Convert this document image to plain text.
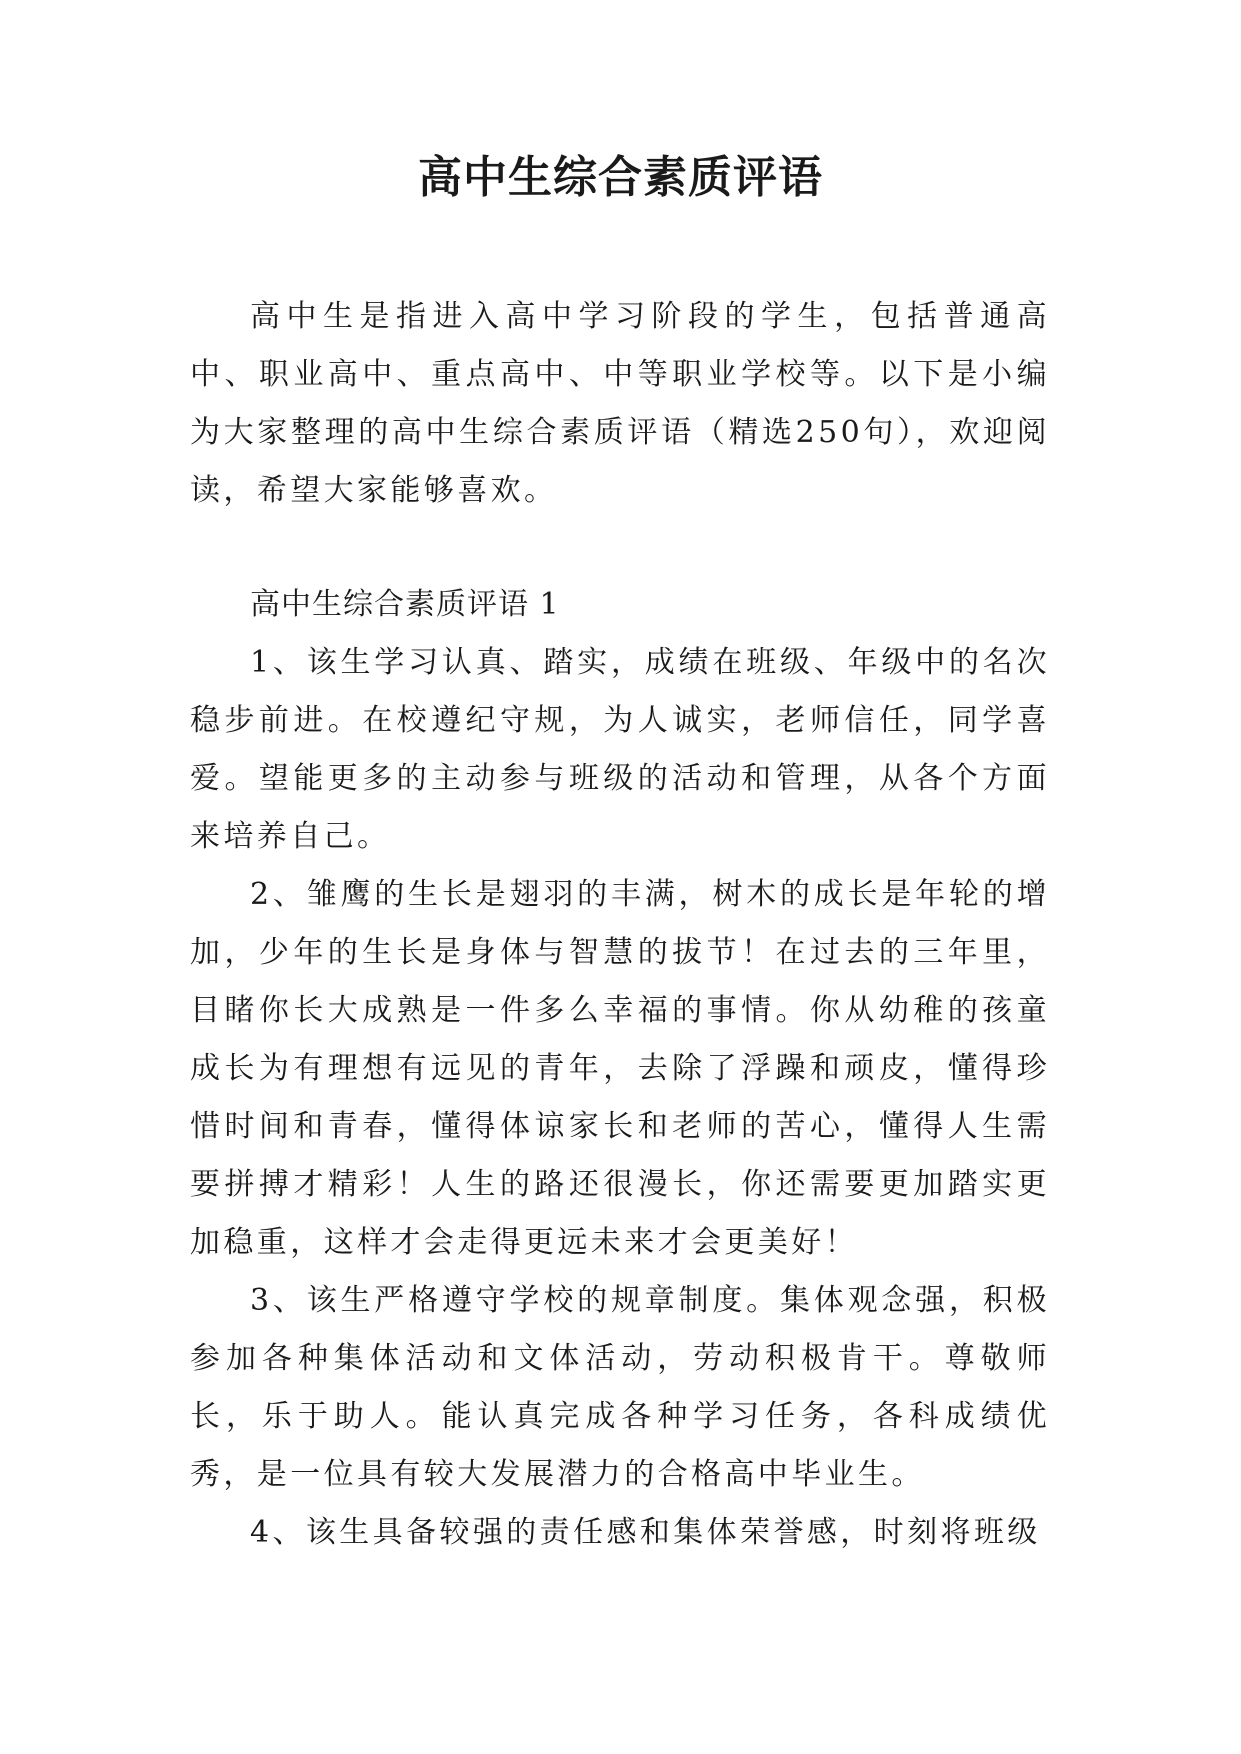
高中生综合素质评语

高中生是指进入高中学习阶段的学生，包括普通高中、职业高中、重点高中、中等职业学校等。以下是小编为大家整理的高中生综合素质评语（精选250句），欢迎阅读，希望大家能够喜欢。

高中生综合素质评语 1

1、该生学习认真、踏实，成绩在班级、年级中的名次稳步前进。在校遵纪守规，为人诚实，老师信任，同学喜爱。望能更多的主动参与班级的活动和管理，从各个方面来培养自己。

2、雏鹰的生长是翅羽的丰满，树木的成长是年轮的增加，少年的生长是身体与智慧的拔节！在过去的三年里，目睹你长大成熟是一件多么幸福的事情。你从幼稚的孩童成长为有理想有远见的青年，去除了浮躁和顽皮，懂得珍惜时间和青春，懂得体谅家长和老师的苦心，懂得人生需要拼搏才精彩！人生的路还很漫长，你还需要更加踏实更加稳重，这样才会走得更远未来才会更美好！

3、该生严格遵守学校的规章制度。集体观念强，积极参加各种集体活动和文体活动，劳动积极肯干。尊敬师长，乐于助人。能认真完成各种学习任务，各科成绩优秀，是一位具有较大发展潜力的合格高中毕业生。

4、该生具备较强的责任感和集体荣誉感，时刻将班级
